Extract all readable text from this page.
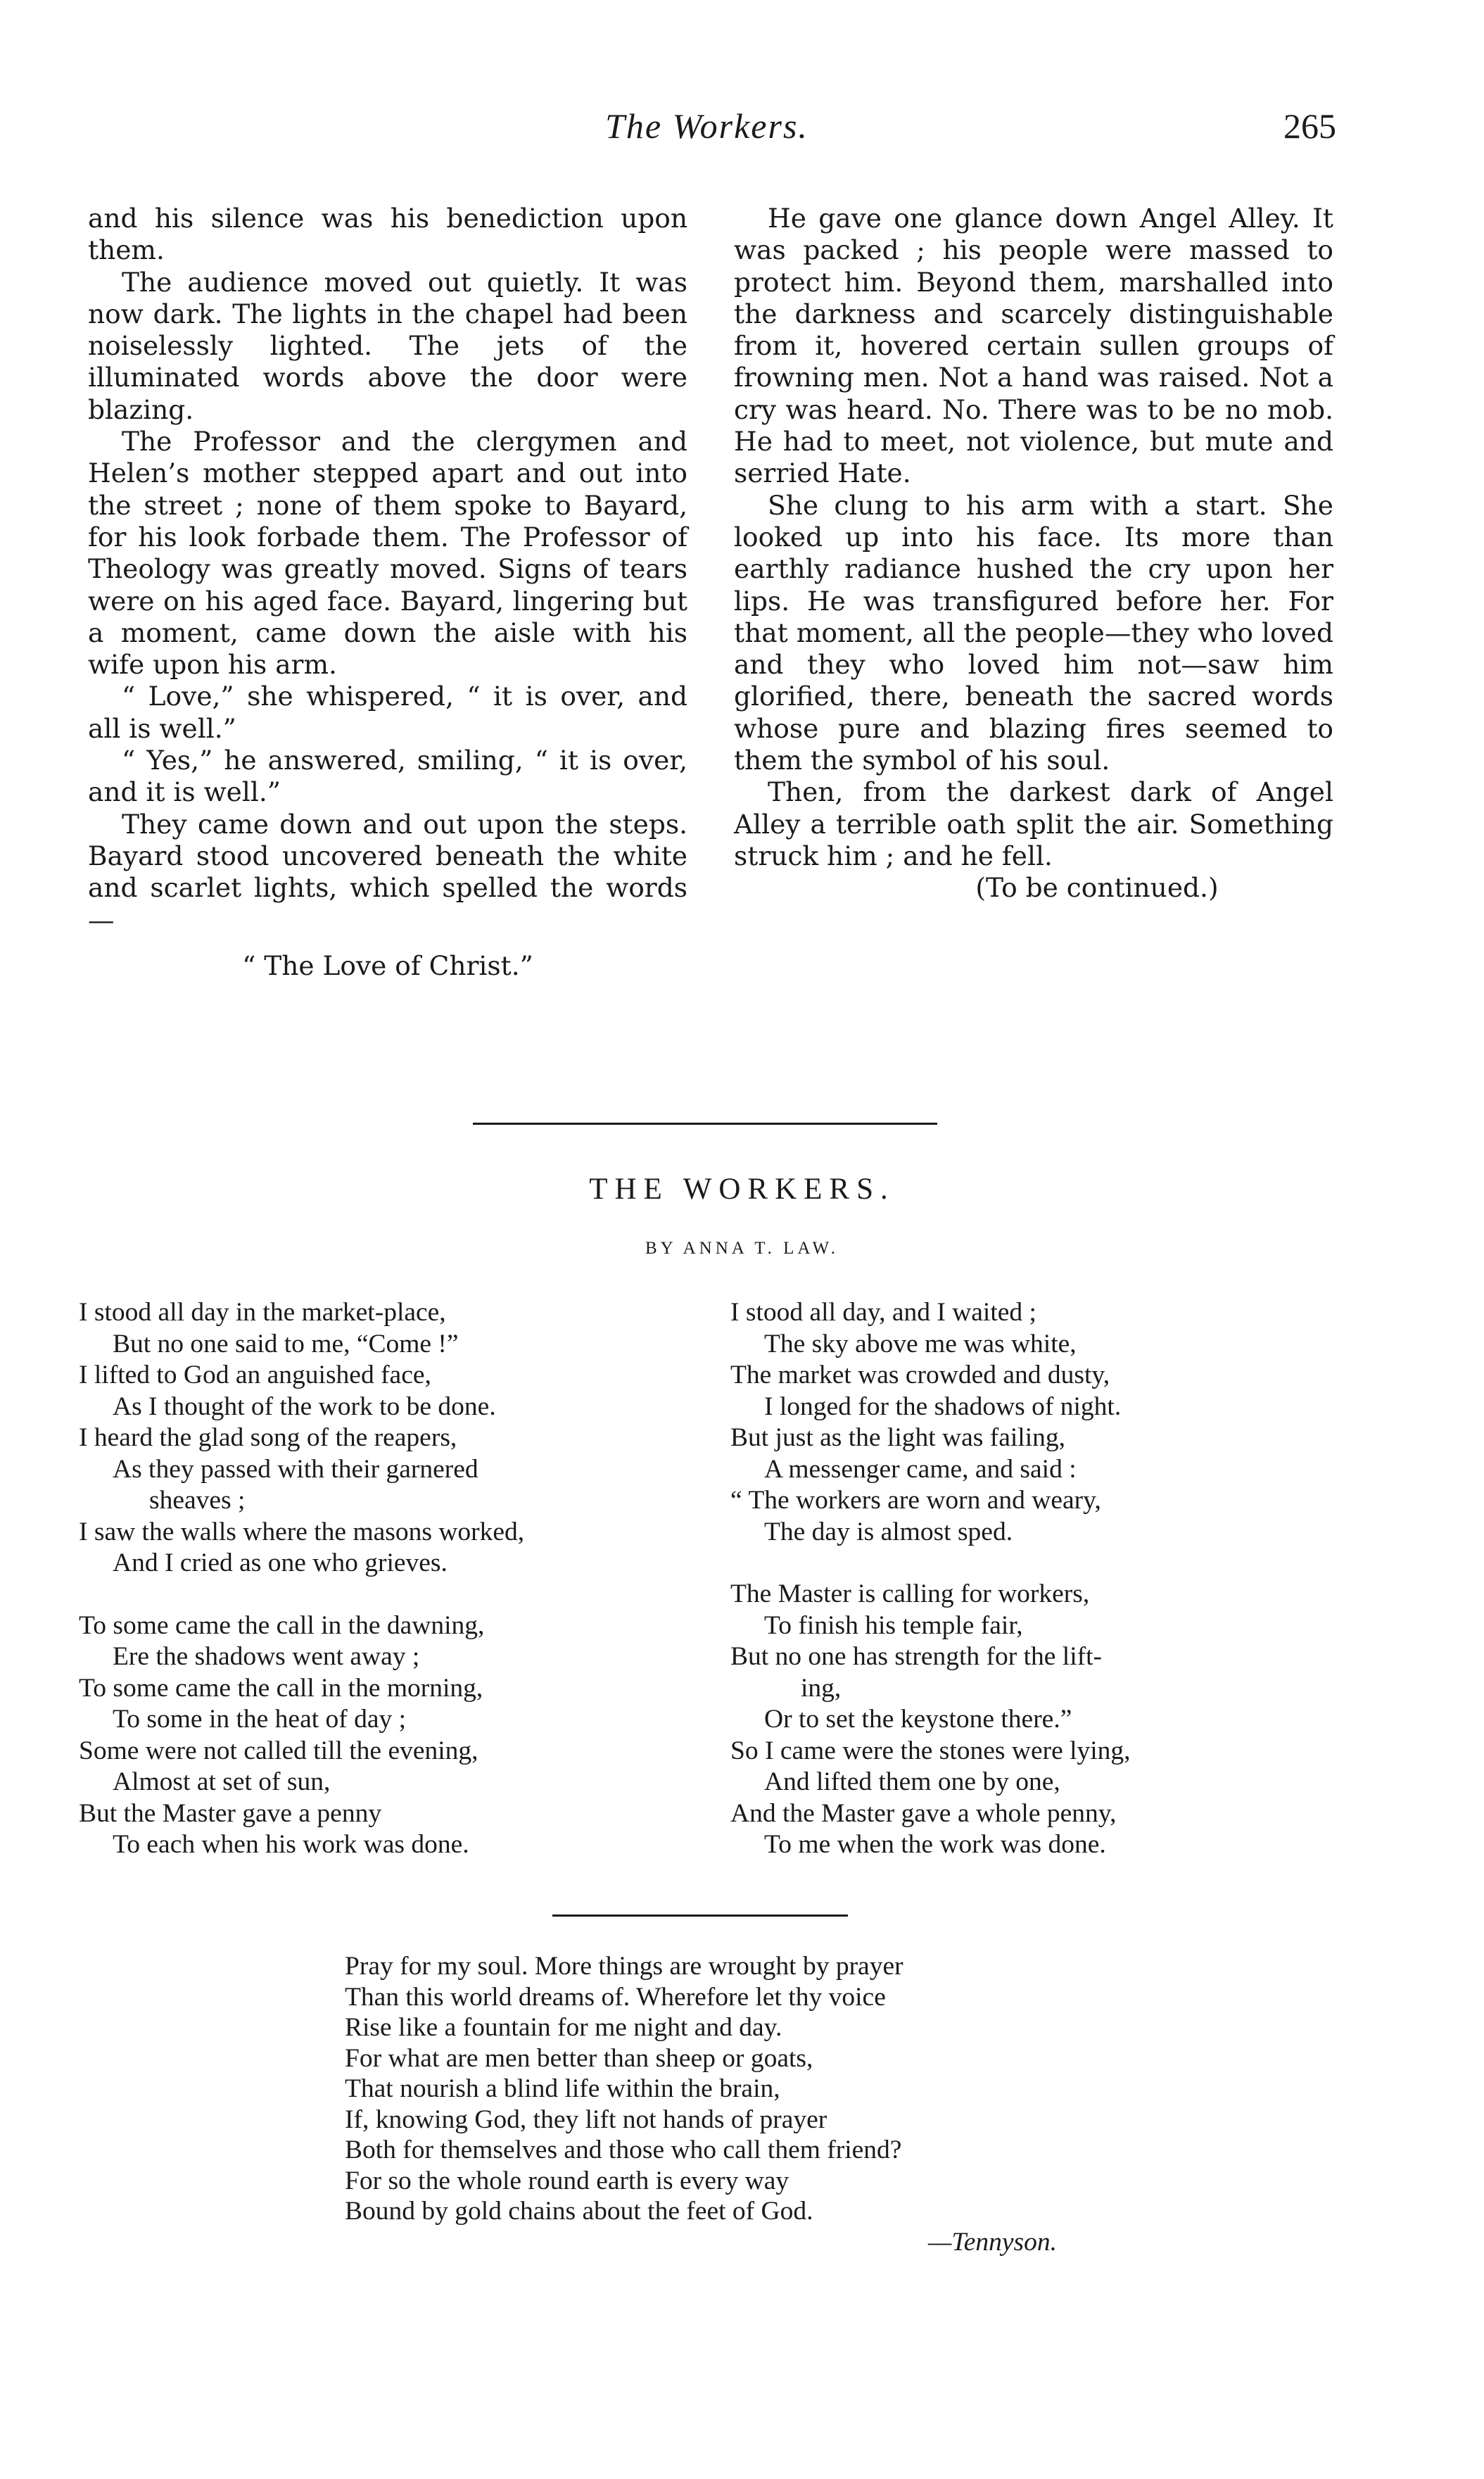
The Workers.	265

and his silence was his benediction upon them.

The audience moved out quietly. It was now dark. The lights in the chapel had been noiselessly lighted. The jets of the illuminated words above the door were blazing.

The Professor and the clergymen and Helen’s mother stepped apart and out into the street ; none of them spoke to Bayard, for his look forbade them. The Professor of Theology was greatly moved. Signs of tears were on his aged face. Bayard, lingering but a moment, came down the aisle with his wife upon his arm.

“ Love,” she whispered, “ it is over, and all is well.”

“ Yes,” he answered, smiling, “ it is over, and it is well.”

They came down and out upon the steps. Bayard stood uncovered beneath the white and scarlet lights, which spelled the words—

“ The Love of Christ.”

He gave one glance down Angel Alley. It was packed ; his people were massed to protect him. Beyond them, marshalled into the darkness and scarcely distinguishable from it, hovered certain sullen groups of frowning men. Not a hand was raised. Not a cry was heard. No. There was to be no mob. He had to meet, not violence, but mute and serried Hate.

She clung to his arm with a start. She looked up into his face. Its more than earthly radiance hushed the cry upon her lips. He was transfigured before her. For that moment, all the people—they who loved and they who loved him not—saw him glorified, there, beneath the sacred words whose pure and blazing fires seemed to them the symbol of his soul.

Then, from the darkest dark of Angel Alley a terrible oath split the air. Something struck him ; and he fell.

(To be continued.)

THE WORKERS.
BY ANNA T. LAW.
I stood all day in the market-place,
But no one said to me, “Come !”
I lifted to God an anguished face,
As I thought of the work to be done.
I heard the glad song of the reapers,
As they passed with their garnered
sheaves ;
I saw the walls where the masons worked,
And I cried as one who grieves.
To some came the call in the dawning,
Ere the shadows went away ;
To some came the call in the morning,
To some in the heat of day ;
Some were not called till the evening,
Almost at set of sun,
But the Master gave a penny
To each when his work was done.
I stood all day, and I waited ;
The sky above me was white,
The market was crowded and dusty,
I longed for the shadows of night.
But just as the light was failing,
A messenger came, and said :
“ The workers are worn and weary,
The day is almost sped.
The Master is calling for workers,
To finish his temple fair,
But no one has strength for the lift-
ing,
Or to set the keystone there.”
So I came were the stones were lying,
And lifted them one by one,
And the Master gave a whole penny,
To me when the work was done.
Pray for my soul. More things are wrought by prayer
Than this world dreams of. Wherefore let thy voice
Rise like a fountain for me night and day.
For what are men better than sheep or goats,
That nourish a blind life within the brain,
If, knowing God, they lift not hands of prayer
Both for themselves and those who call them friend?
For so the whole round earth is every way
Bound by gold chains about the feet of God.
—Tennyson.
